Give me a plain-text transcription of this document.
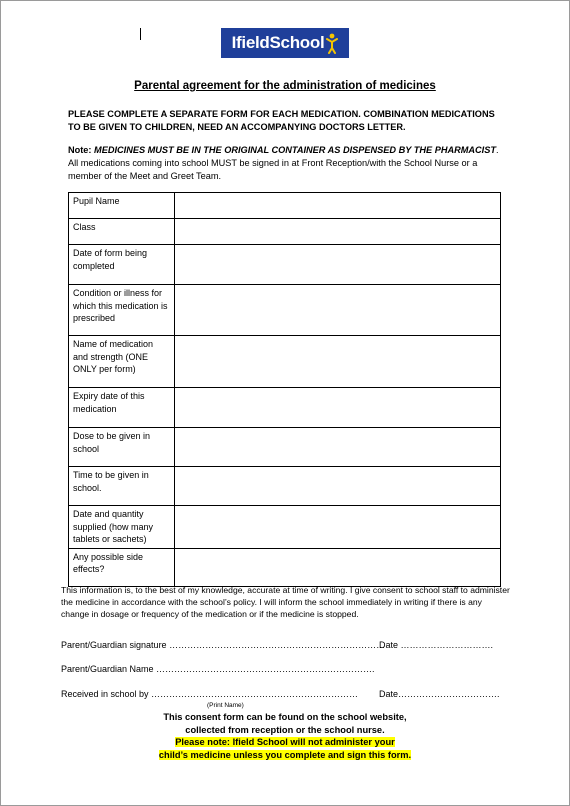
IfieldSchool
Parental agreement for the administration of medicines
PLEASE COMPLETE A SEPARATE FORM FOR EACH MEDICATION. COMBINATION MEDICATIONS TO BE GIVEN TO CHILDREN, NEED AN ACCOMPANYING DOCTORS LETTER.
Note: MEDICINES MUST BE IN THE ORIGINAL CONTAINER AS DISPENSED BY THE PHARMACIST. All medications coming into school MUST be signed in at Front Reception/with the School Nurse or a member of the Meet and Greet Team.
Pupil Name	
Class	
Date of form being completed	
Condition or illness for which this medication is prescribed	
Name of medication and strength (ONE ONLY per form)	
Expiry date of this medication	
Dose to be given in school	
Time to be given in school.	
Date and quantity supplied (how many tablets or sachets)	
Any possible side effects?	
This information is, to the best of my knowledge, accurate at time of writing. I give consent to school staff to administer the medicine in accordance with the school’s policy. I will inform the school immediately in writing if there is any change in dosage or frequency of the medication or if the medicine is stopped.
Parent/Guardian signature ………………………………………………………………
Date ………………………….
Parent/Guardian Name ……………………………………………………………….
Received in school by …………………………………………………………… Date…………………………….
(Print Name)
This consent form can be found on the school website,
collected from reception or the school nurse.
Please note: Ifield School will not administer your
child’s medicine unless you complete and sign this form.
